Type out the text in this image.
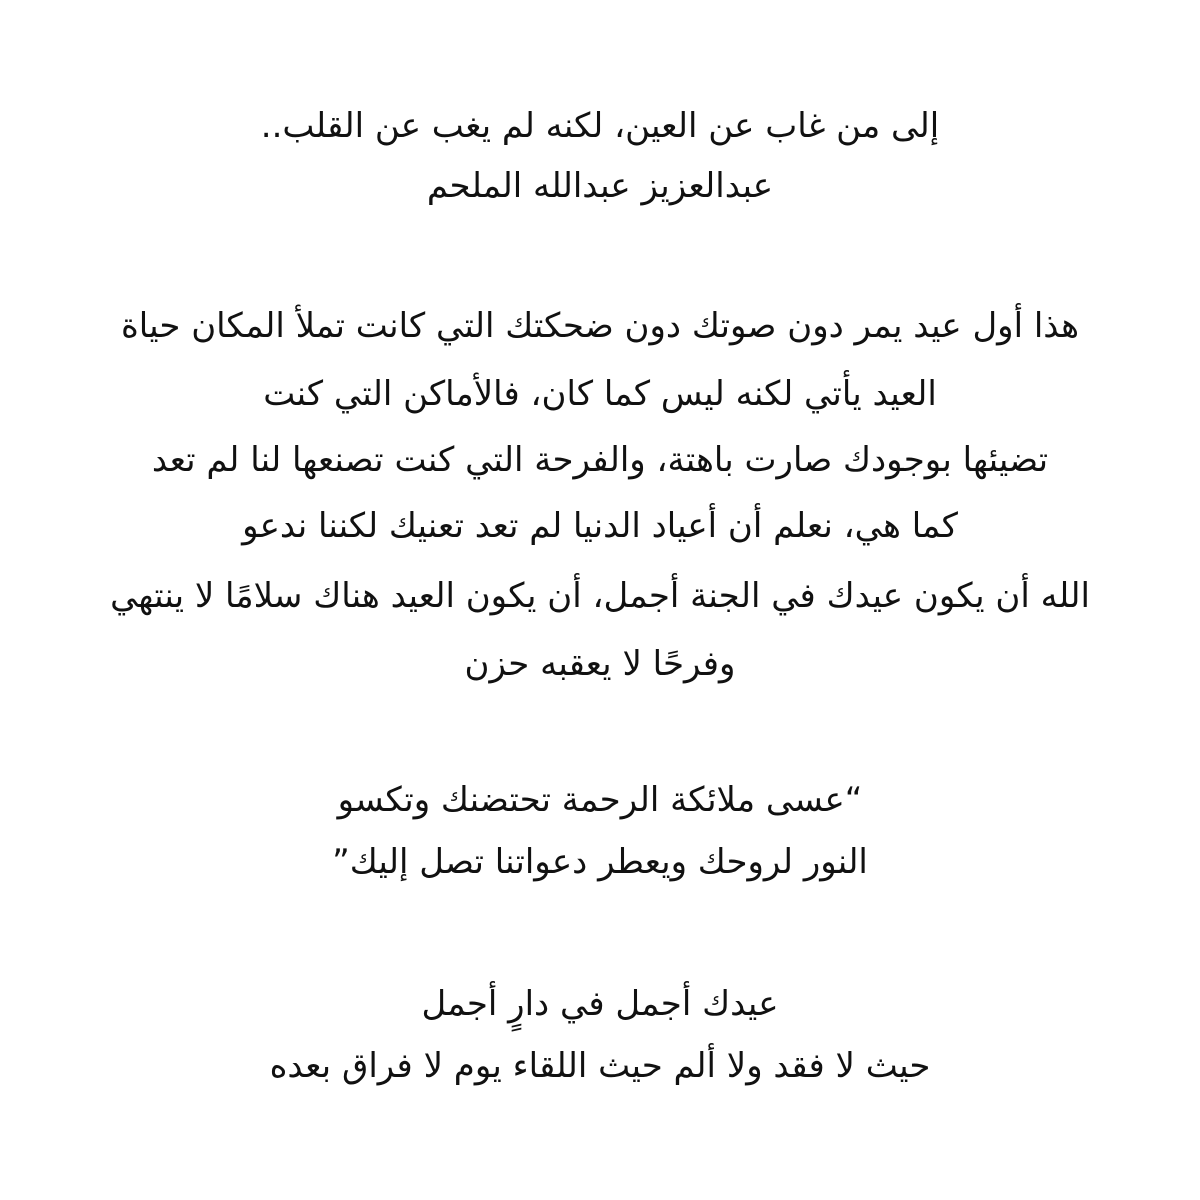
إلى من غاب عن العين، لكنه لم يغب عن القلب..
عبدالعزيز عبدالله الملحم
هذا أول عيد يمر دون صوتك دون ضحكتك التي كانت تملأ المكان حياة
العيد يأتي لكنه ليس كما كان، فالأماكن التي كنت
تضيئها بوجودك صارت باهتة، والفرحة التي كنت تصنعها لنا لم تعد
كما هي، نعلم أن أعياد الدنيا لم تعد تعنيك لكننا ندعو
الله أن يكون عيدك في الجنة أجمل، أن يكون العيد هناك سلامًا لا ينتهي
وفرحًا لا يعقبه حزن
“عسى ملائكة الرحمة تحتضنك وتكسو
النور لروحك ويعطر دعواتنا تصل إليك”
عيدك أجمل في دارٍ أجمل
حيث لا فقد ولا ألم حيث اللقاء يوم لا فراق بعده
